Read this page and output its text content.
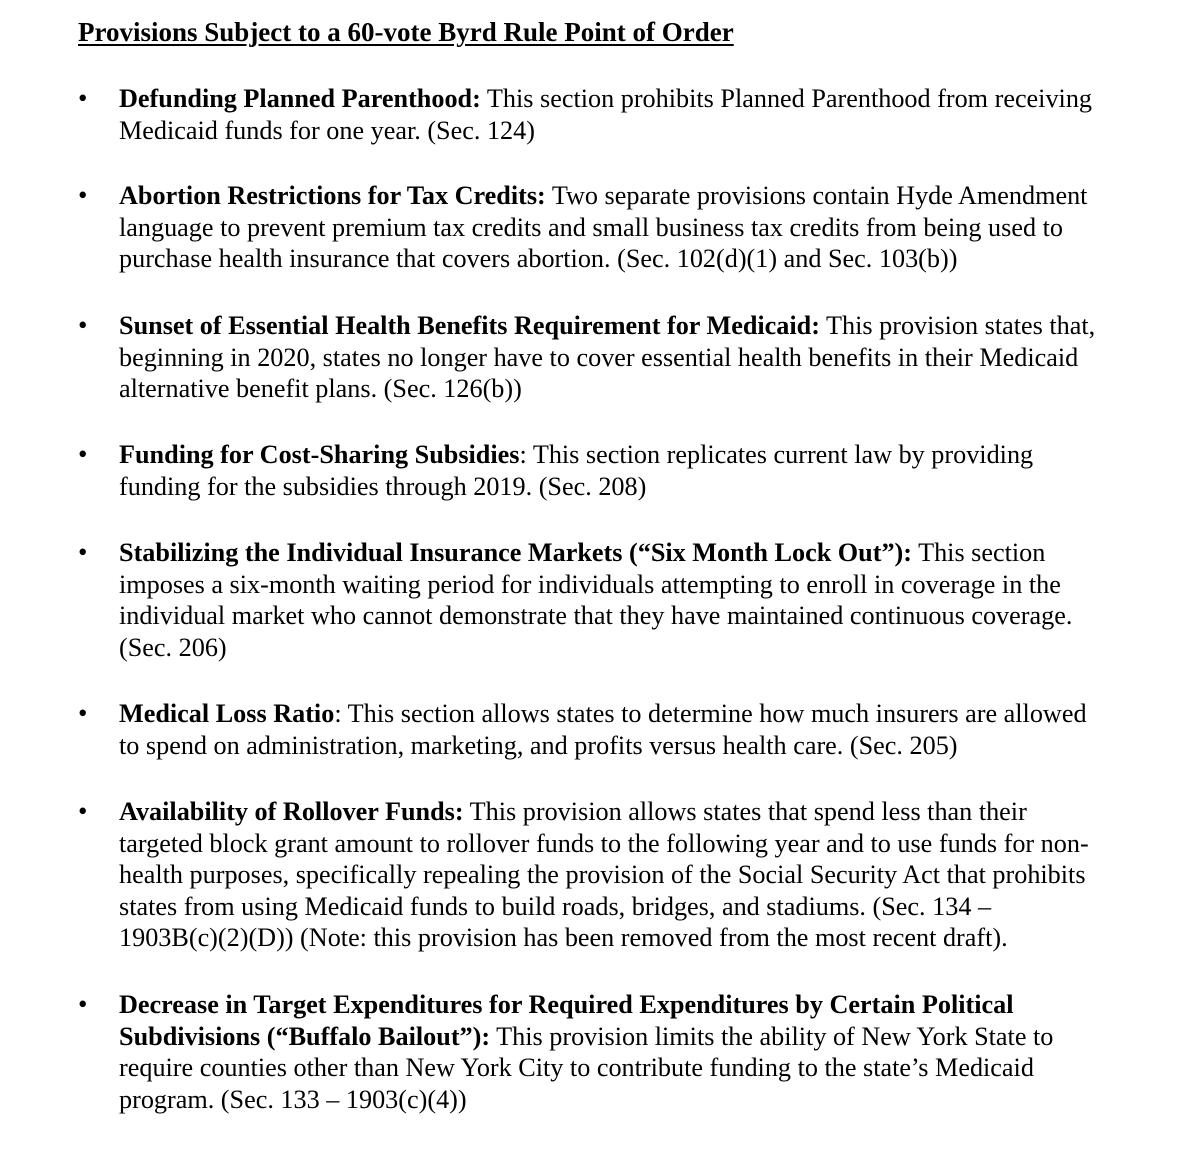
Provisions Subject to a 60-vote Byrd Rule Point of Order
•	Defunding Planned Parenthood: This section prohibits Planned Parenthood from receiving
Medicaid funds for one year. (Sec. 124)

•	Abortion Restrictions for Tax Credits: Two separate provisions contain Hyde Amendment
language to prevent premium tax credits and small business tax credits from being used to
purchase health insurance that covers abortion. (Sec. 102(d)(1) and Sec. 103(b))

•	Sunset of Essential Health Benefits Requirement for Medicaid: This provision states that,
beginning in 2020, states no longer have to cover essential health benefits in their Medicaid
alternative benefit plans. (Sec. 126(b))

•	Funding for Cost-Sharing Subsidies: This section replicates current law by providing
funding for the subsidies through 2019. (Sec. 208)

•	Stabilizing the Individual Insurance Markets (“Six Month Lock Out”): This section
imposes a six-month waiting period for individuals attempting to enroll in coverage in the
individual market who cannot demonstrate that they have maintained continuous coverage.
(Sec. 206)

•	Medical Loss Ratio: This section allows states to determine how much insurers are allowed
to spend on administration, marketing, and profits versus health care. (Sec. 205)

•	Availability of Rollover Funds: This provision allows states that spend less than their
targeted block grant amount to rollover funds to the following year and to use funds for non-
health purposes, specifically repealing the provision of the Social Security Act that prohibits
states from using Medicaid funds to build roads, bridges, and stadiums. (Sec. 134 –
1903B(c)(2)(D)) (Note: this provision has been removed from the most recent draft).

•	Decrease in Target Expenditures for Required Expenditures by Certain Political
Subdivisions (“Buffalo Bailout”): This provision limits the ability of New York State to
require counties other than New York City to contribute funding to the state’s Medicaid
program. (Sec. 133 – 1903(c)(4))
